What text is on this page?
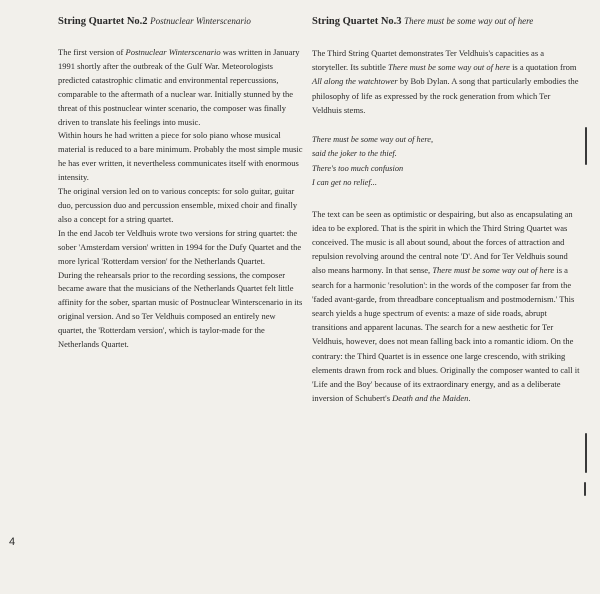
String Quartet No.2 Postnuclear Winterscenario

The first version of Postnuclear Winterscenario was written in January 1991 shortly after the outbreak of the Gulf War. Meteorologists predicted catastrophic climatic and environmental repercussions, comparable to the aftermath of a nuclear war. Initially stunned by the threat of this postnuclear winter scenario, the composer was finally driven to translate his feelings into music.

Within hours he had written a piece for solo piano whose musical material is reduced to a bare minimum. Probably the most simple music he has ever written, it nevertheless communicates itself with enormous intensity.

The original version led on to various concepts: for solo guitar, guitar duo, percussion duo and percussion ensemble, mixed choir and finally also a concept for a string quartet.

In the end Jacob ter Veldhuis wrote two versions for string quartet: the sober 'Amsterdam version' written in 1994 for the Dufy Quartet and the more lyrical 'Rotterdam version' for the Netherlands Quartet.

During the rehearsals prior to the recording sessions, the composer became aware that the musicians of the Netherlands Quartet felt little affinity for the sober, spartan music of Postnuclear Winterscenario in its original version. And so Ter Veldhuis composed an entirely new quartet, the 'Rotterdam version', which is taylor-made for the Netherlands Quartet.

String Quartet No.3 There must be some way out of here

The Third String Quartet demonstrates Ter Veldhuis's capacities as a storyteller. Its subtitle There must be some way out of here is a quotation from All along the watchtower by Bob Dylan. A song that particularly embodies the philosophy of life as expressed by the rock generation from which Ter Veldhuis stems.

There must be some way out of here,
said the joker to the thief.
There's too much confusion
I can get no relief...

The text can be seen as optimistic or despairing, but also as encapsulating an idea to be explored. That is the spirit in which the Third String Quartet was conceived. The music is all about sound, about the forces of attraction and repulsion revolving around the central note 'D'. And for Ter Veldhuis sound also means harmony. In that sense, There must be some way out of here is a search for a harmonic 'resolution': in the words of the composer far from the 'faded avant-garde, from threadbare conceptualism and postmodernism.' This search yields a huge spectrum of events: a maze of side roads, abrupt transitions and apparent lacunas. The search for a new aesthetic for Ter Veldhuis, however, does not mean falling back into a romantic idiom. On the contrary: the Third Quartet is in essence one large crescendo, with striking elements drawn from rock and blues. Originally the composer wanted to call it 'Life and the Boy' because of its extraordinary energy, and as a deliberate inversion of Schubert's Death and the Maiden.

4
